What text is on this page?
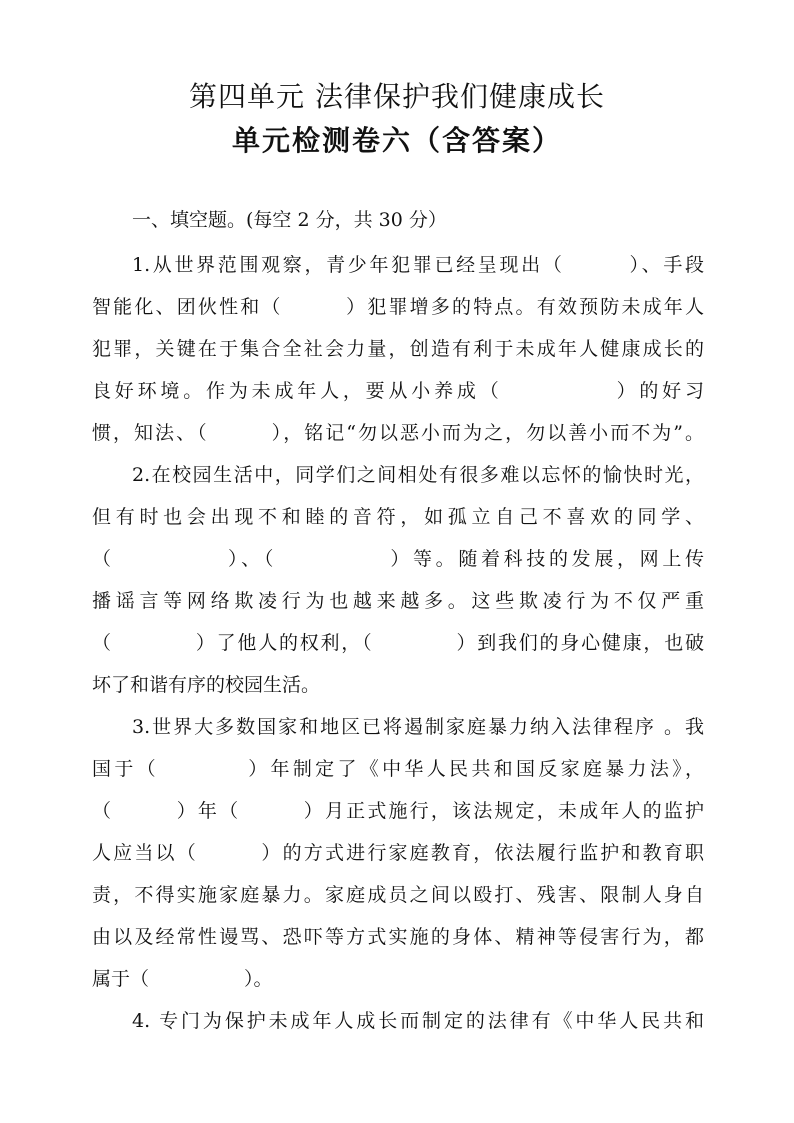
第四单元 法律保护我们健康成长
单元检测卷六（含答案）
一、填空题。(每空 2 分，共 30 分）
1.从世界范围观察，青少年犯罪已经呈现出（　　　）、手段
智能化、团伙性和（　　　）犯罪增多的特点。有效预防未成年人
犯罪，关键在于集合全社会力量，创造有利于未成年人健康成长的
良好环境。作为未成年人，要从小养成（　　　　　）的好习
惯，知法、（　　　），铭记“勿以恶小而为之，勿以善小而不为”。
2.在校园生活中，同学们之间相处有很多难以忘怀的愉快时光，
但有时也会出现不和睦的音符，如孤立自己不喜欢的同学、
（　　　　　）、（　　　　　）等。随着科技的发展，网上传
播谣言等网络欺凌行为也越来越多。这些欺凌行为不仅严重
（　　　　）了他人的权利，（　　　　）到我们的身心健康，也破
坏了和谐有序的校园生活。
3.世界大多数国家和地区已将遏制家庭暴力纳入法律程序 。我
国于（　　　　）年制定了《中华人民共和国反家庭暴力法》，
（　　　）年（　　　）月正式施行，该法规定，未成年人的监护
人应当以（　　　）的方式进行家庭教育，依法履行监护和教育职
责，不得实施家庭暴力。家庭成员之间以殴打、残害、限制人身自
由以及经常性谩骂、恐吓等方式实施的身体、精神等侵害行为，都
属于（　　　　　）。
4. 专门为保护未成年人成长而制定的法律有《中华人民共和
